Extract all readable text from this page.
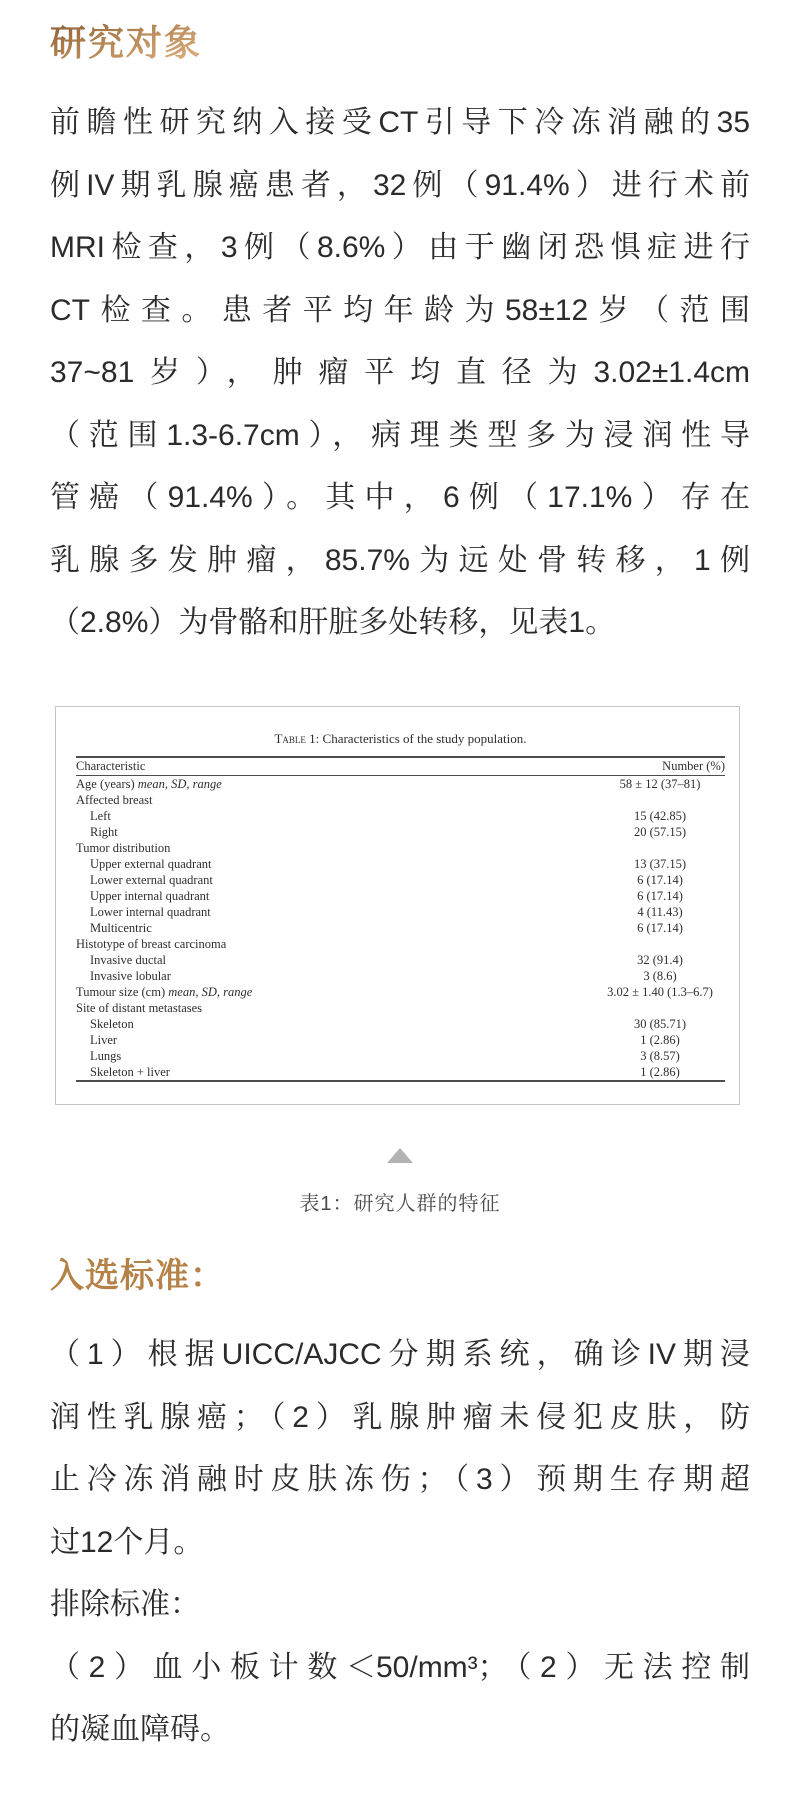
研究对象
前瞻性研究纳入接受CT引导下冷冻消融的35
例IV期乳腺癌患者，32例（91.4%）进行术前
MRI检查，3例（8.6%）由于幽闭恐惧症进行
CT检查。患者平均年龄为58±12岁（范围
37~81岁），肿瘤平均直径为3.02±1.4cm
（范围1.3-6.7cm），病理类型多为浸润性导
管癌（91.4%）。其中，6例（17.1%）存在
乳腺多发肿瘤，85.7%为远处骨转移，1例
（2.8%）为骨骼和肝脏多处转移，见表1。
Table 1: Characteristics of the study population.
Characteristic	Number (%)
Age (years) mean, SD, range	58 ± 12 (37–81)
Affected breast
Left	15 (42.85)
Right	20 (57.15)
Tumor distribution
Upper external quadrant	13 (37.15)
Lower external quadrant	6 (17.14)
Upper internal quadrant	6 (17.14)
Lower internal quadrant	4 (11.43)
Multicentric	6 (17.14)
Histotype of breast carcinoma
Invasive ductal	32 (91.4)
Invasive lobular	3 (8.6)
Tumour size (cm) mean, SD, range	3.02 ± 1.40 (1.3–6.7)
Site of distant metastases
Skeleton	30 (85.71)
Liver	1 (2.86)
Lungs	3 (8.57)
Skeleton + liver	1 (2.86)
表1：研究人群的特征
入选标准：
（1）根据UICC/AJCC分期系统，确诊IV期浸
润性乳腺癌；（2）乳腺肿瘤未侵犯皮肤，防
止冷冻消融时皮肤冻伤；（3）预期生存期超
过12个月。
排除标准：
（2）血小板计数＜50/mm³；（2）无法控制
的凝血障碍。
